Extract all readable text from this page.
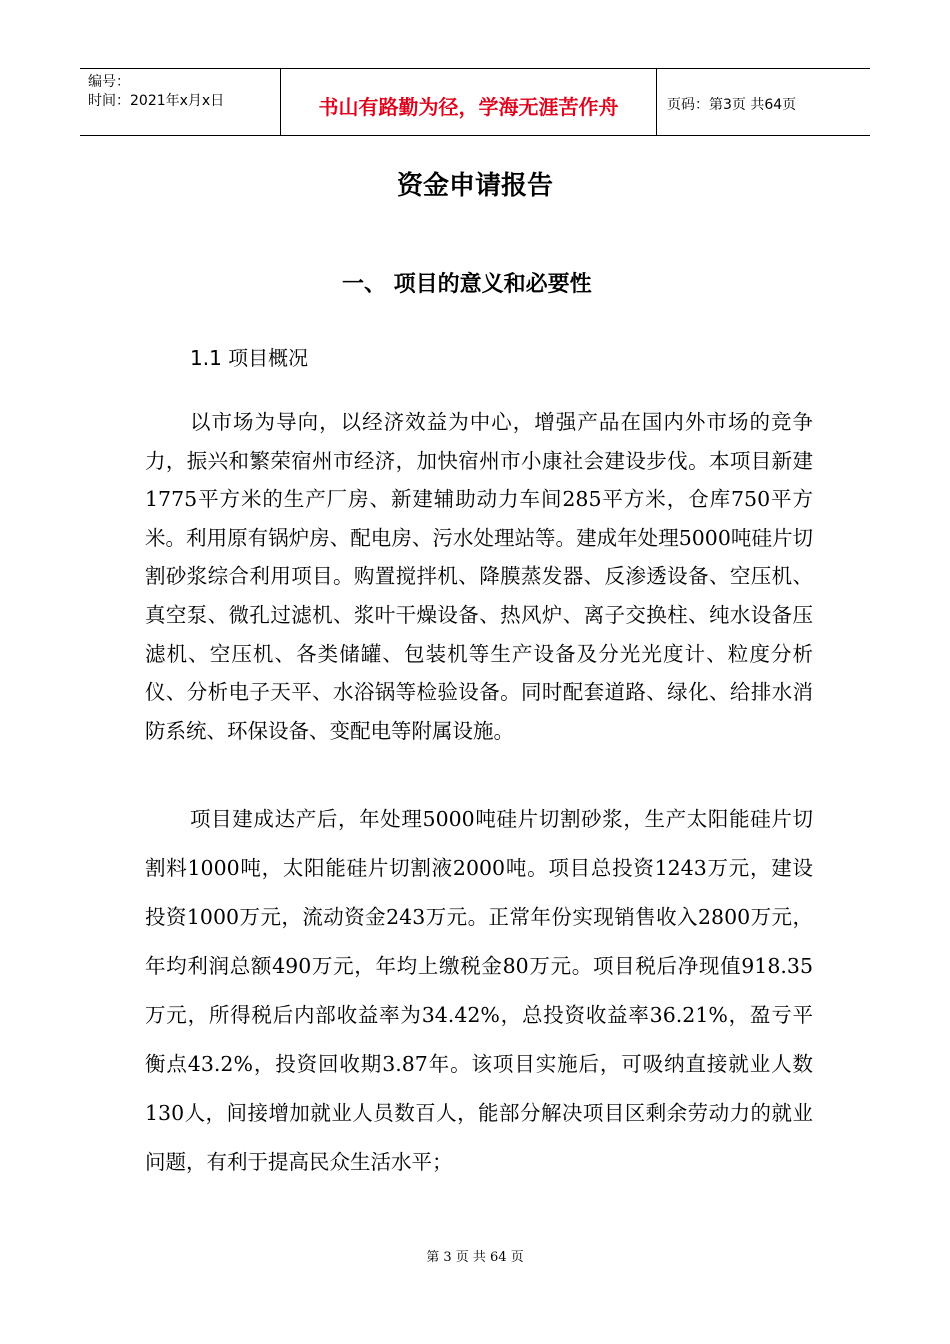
编号：
时间：2021年x月x日	书山有路勤为径，学海无涯苦作舟	页码：第3页 共64页
资金申请报告
一、 项目的意义和必要性
1.1 项目概况

以市场为导向，以经济效益为中心，增强产品在国内外市场的竞争力，振兴和繁荣宿州市经济，加快宿州市小康社会建设步伐。本项目新建1775平方米的生产厂房、新建辅助动力车间285平方米，仓库750平方米。利用原有锅炉房、配电房、污水处理站等。建成年处理5000吨硅片切割砂浆综合利用项目。购置搅拌机、降膜蒸发器、反渗透设备、空压机、真空泵、微孔过滤机、浆叶干燥设备、热风炉、离子交换柱、纯水设备压滤机、空压机、各类储罐、包装机等生产设备及分光光度计、粒度分析仪、分析电子天平、水浴锅等检验设备。同时配套道路、绿化、给排水消防系统、环保设备、变配电等附属设施。

项目建成达产后，年处理5000吨硅片切割砂浆，生产太阳能硅片切割料1000吨，太阳能硅片切割液2000吨。项目总投资1243万元，建设投资1000万元，流动资金243万元。正常年份实现销售收入2800万元，年均利润总额490万元，年均上缴税金80万元。项目税后净现值918.35万元，所得税后内部收益率为34.42%，总投资收益率36.21%，盈亏平衡点43.2%，投资回收期3.87年。该项目实施后，可吸纳直接就业人数130人，间接增加就业人员数百人，能部分解决项目区剩余劳动力的就业问题，有利于提高民众生活水平；

第 3 页 共 64 页
